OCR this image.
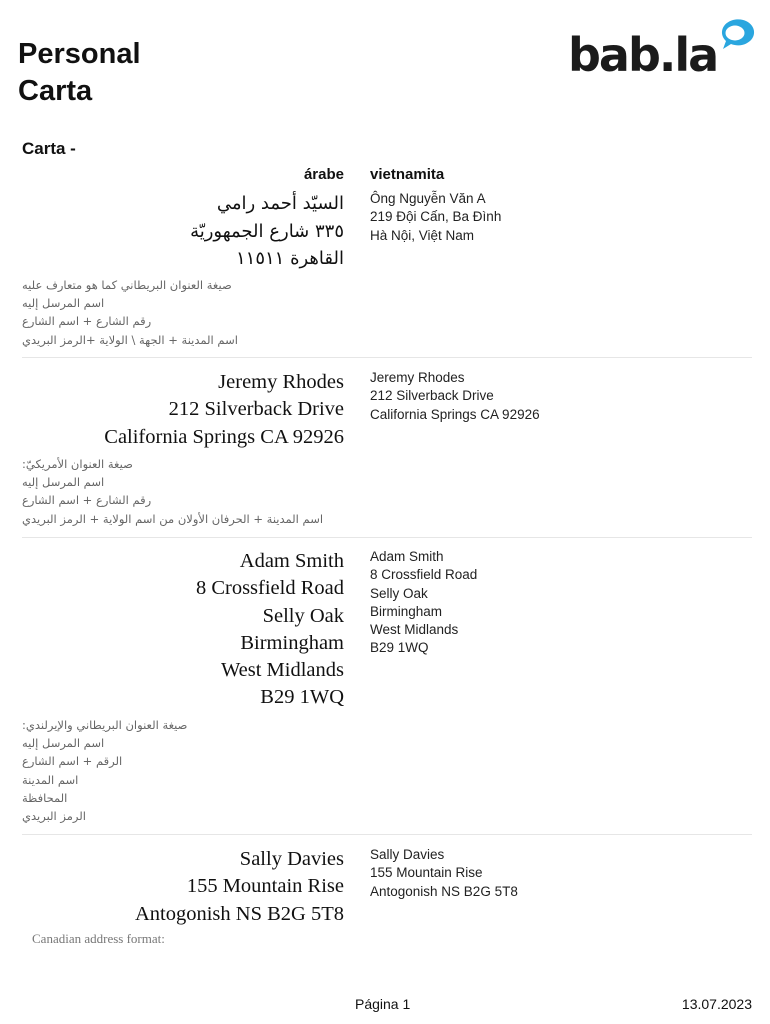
Personal
Carta
bab.la
Carta -
árabe vietnamita
السيّد أحمد رامي
٣٣٥ شارع الجمهوريّة
القاهرة ١١٥١١
صيغة العنوان البريطاني كما هو متعارف عليه
اسم المرسل إليه
رقم الشارع + اسم الشارع
اسم المدينة + الجهة \ الولاية +الرمز البريدي
Ông Nguyễn Văn A
219 Đội Cấn, Ba Đình
Hà Nội, Việt Nam
Jeremy Rhodes
212 Silverback Drive
California Springs CA 92926
صيغة العنوان الأمريكيّ:
اسم المرسل إليه
رقم الشارع + اسم الشارع
اسم المدينة + الحرفان الأولان من اسم الولاية + الرمز البريدي
Jeremy Rhodes
212 Silverback Drive
California Springs CA 92926
Adam Smith
8 Crossfield Road
Selly Oak
Birmingham
West Midlands
B29 1WQ
صيغة العنوان البريطاني والإيرلندي:
اسم المرسل إليه
الرقم + اسم الشارع
اسم المدينة
المحافظة
الرمز البريدي
Adam Smith
8 Crossfield Road
Selly Oak
Birmingham
West Midlands
B29 1WQ
Sally Davies
155 Mountain Rise
Antogonish NS B2G 5T8
Canadian address format:
Sally Davies
155 Mountain Rise
Antogonish NS B2G 5T8
Página 1	13.07.2023
